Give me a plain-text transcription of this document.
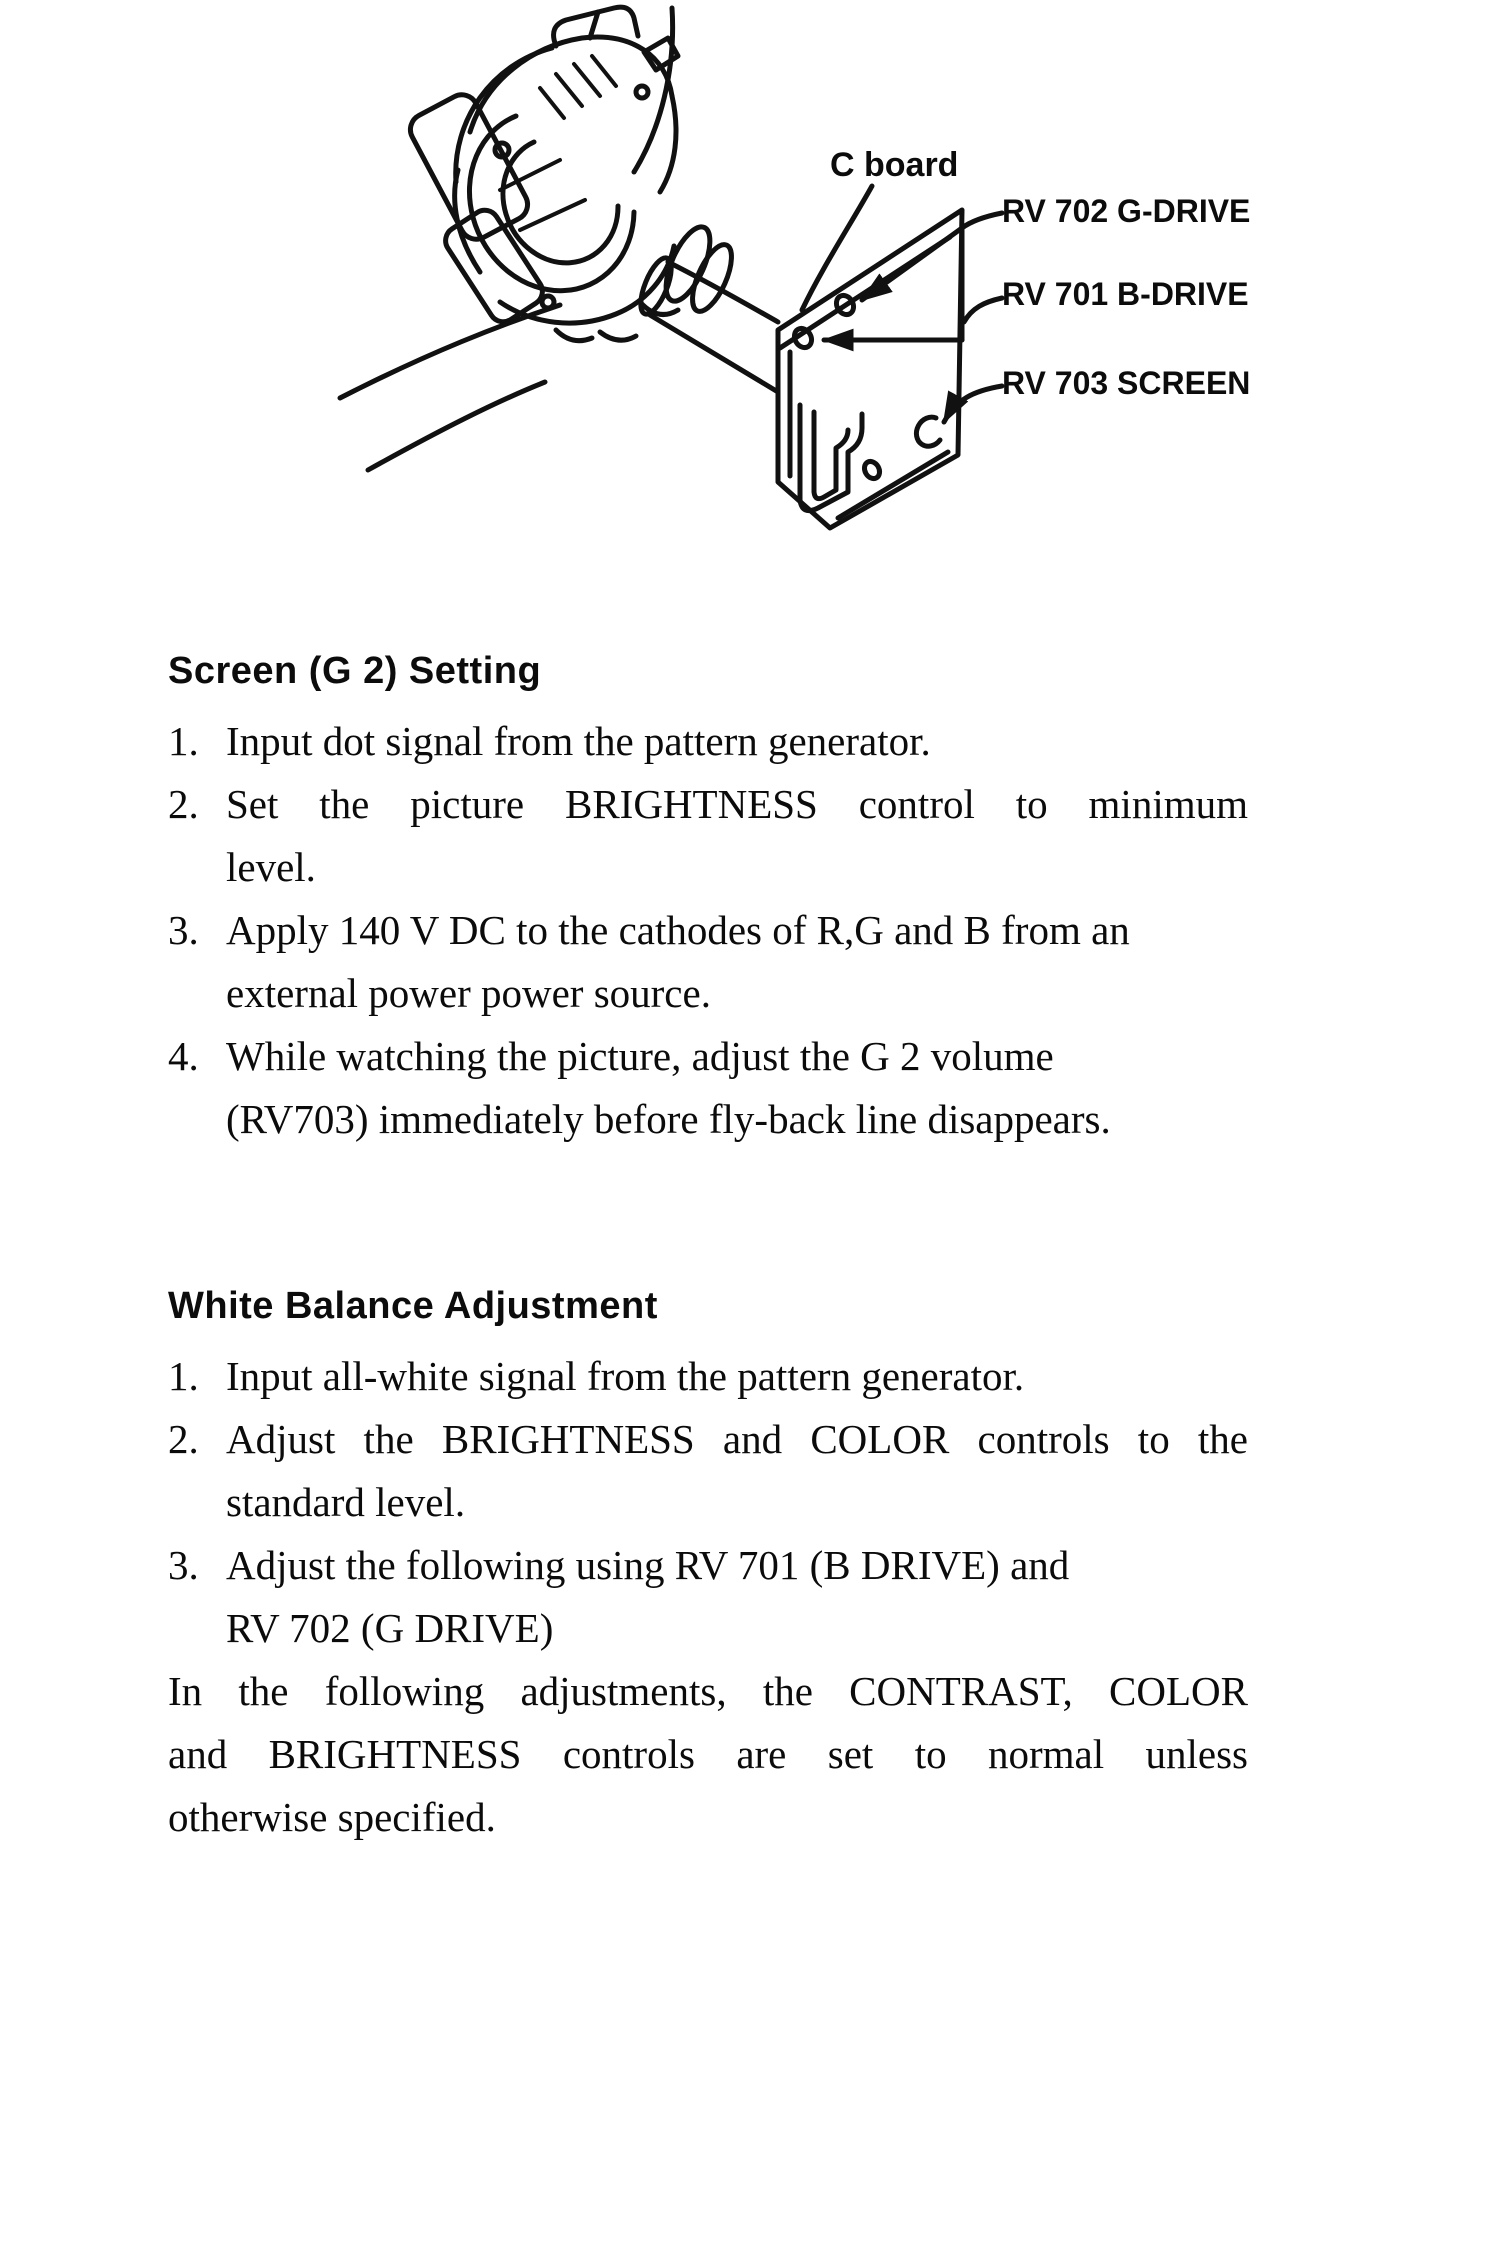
C board
RV 702 G-DRIVE
RV 701 B-DRIVE
RV 703 SCREEN
Screen (G 2) Setting
1. Input dot signal from the pattern generator.
2. Set the picture BRIGHTNESS control to minimum
level.
3. Apply 140 V DC to the cathodes of R,G and B from an
external power power source.
4. While watching the picture, adjust the G 2 volume
(RV703) immediately before fly-back line disappears.
White Balance Adjustment
1. Input all-white signal from the pattern generator.
2. Adjust the BRIGHTNESS and COLOR controls to the
standard level.
3. Adjust the following using RV 701 (B DRIVE) and
RV 702 (G DRIVE)
In the following adjustments, the CONTRAST, COLOR
and BRIGHTNESS controls are set to normal unless
otherwise specified.
